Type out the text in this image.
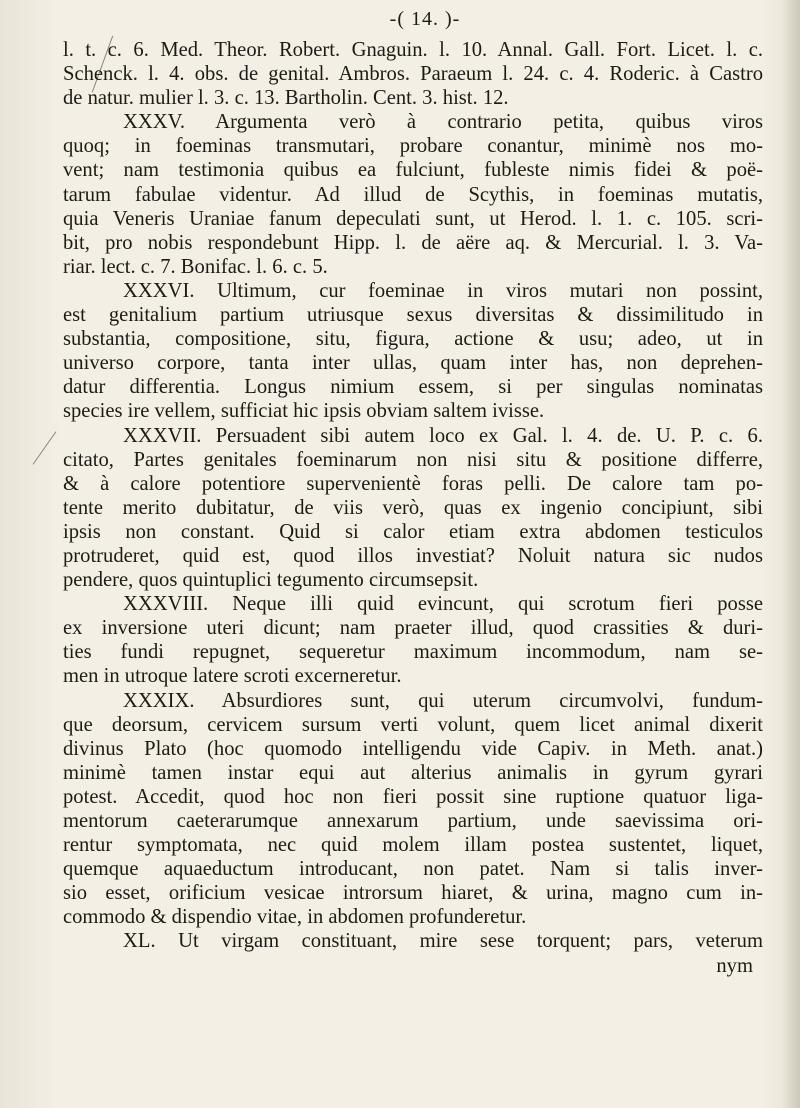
-( 14. )-
l. t. c. 6. Med. Theor. Robert. Gnaguin. l. 10. Annal. Gall. Fort. Licet. l. c.
Schenck. l. 4. obs. de genital. Ambros. Paraeum l. 24. c. 4. Roderic. à Castro
de natur. mulier l. 3. c. 13. Bartholin. Cent. 3. hist. 12.
XXXV. Argumenta verò à contrario petita, quibus viros
quoq; in foeminas transmutari, probare conantur, minimè nos mo-
vent; nam testimonia quibus ea fulciunt, fubleste nimis fidei & poë-
tarum fabulae videntur. Ad illud de Scythis, in foeminas mutatis,
quia Veneris Uraniae fanum depeculati sunt, ut Herod. l. 1. c. 105. scri-
bit, pro nobis respondebunt Hipp. l. de aëre aq. & Mercurial. l. 3. Va-
riar. lect. c. 7. Bonifac. l. 6. c. 5.
XXXVI. Ultimum, cur foeminae in viros mutari non possint,
est genitalium partium utriusque sexus diversitas & dissimilitudo in
substantia, compositione, situ, figura, actione & usu; adeo, ut in
universo corpore, tanta inter ullas, quam inter has, non deprehen-
datur differentia. Longus nimium essem, si per singulas nominatas
species ire vellem, sufficiat hic ipsis obviam saltem ivisse.
XXXVII. Persuadent sibi autem loco ex Gal. l. 4. de. U. P. c. 6.
citato, Partes genitales foeminarum non nisi situ & positione differre,
& à calore potentiore supervenientè foras pelli. De calore tam po-
tente merito dubitatur, de viis verò, quas ex ingenio concipiunt, sibi
ipsis non constant. Quid si calor etiam extra abdomen testiculos
protruderet, quid est, quod illos investiat? Noluit natura sic nudos
pendere, quos quintuplici tegumento circumsepsit.
XXXVIII. Neque illi quid evincunt, qui scrotum fieri posse
ex inversione uteri dicunt; nam praeter illud, quod crassities & duri-
ties fundi repugnet, sequeretur maximum incommodum, nam se-
men in utroque latere scroti excerneretur.
XXXIX. Absurdiores sunt, qui uterum circumvolvi, fundum-
que deorsum, cervicem sursum verti volunt, quem licet animal dixerit
divinus Plato (hoc quomodo intelligendu vide Capiv. in Meth. anat.)
minimè tamen instar equi aut alterius animalis in gyrum gyrari
potest. Accedit, quod hoc non fieri possit sine ruptione quatuor liga-
mentorum caeterarumque annexarum partium, unde saevissima ori-
rentur symptomata, nec quid molem illam postea sustentet, liquet,
quemque aquaeductum introducant, non patet. Nam si talis inver-
sio esset, orificium vesicae introrsum hiaret, & urina, magno cum in-
commodo & dispendio vitae, in abdomen profunderetur.
XL. Ut virgam constituant, mire sese torquent; pars, veterum
nym
